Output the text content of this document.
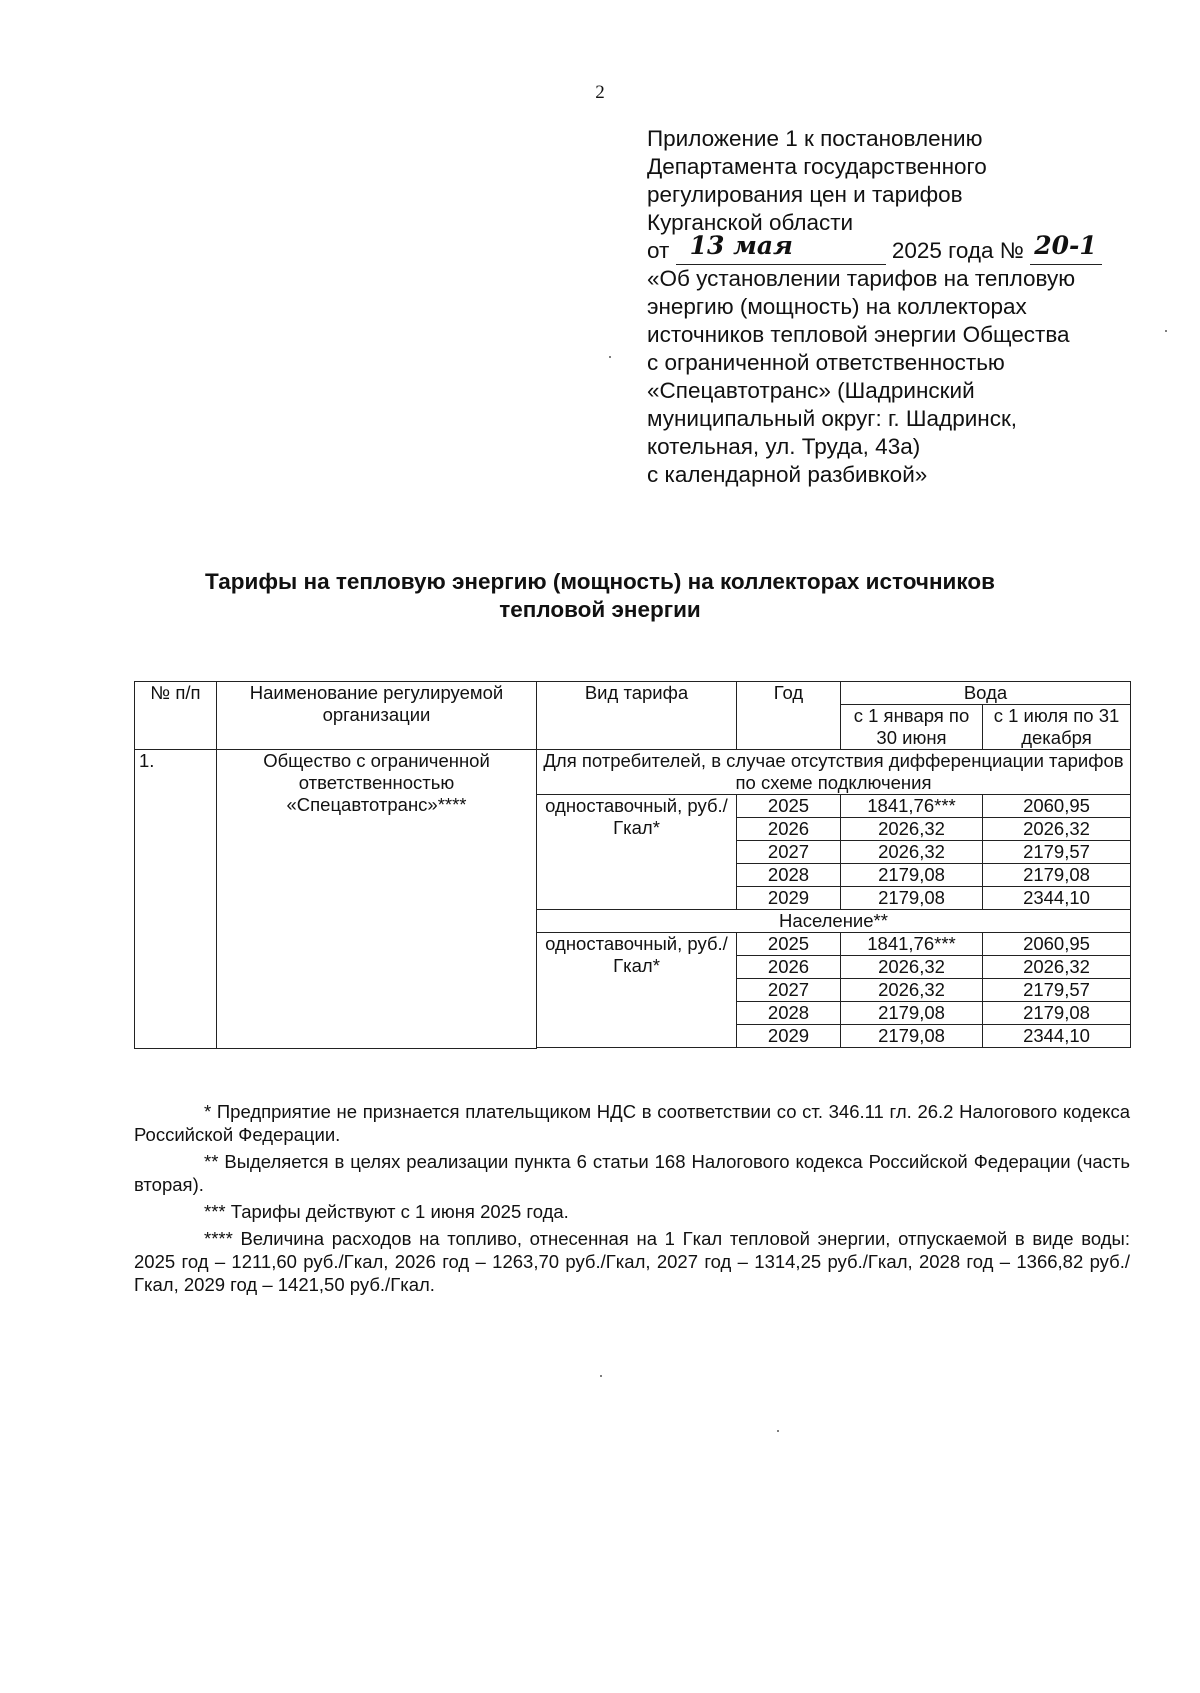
2
Приложение 1 к постановлению
Департамента государственного
регулирования цен и тарифов
Курганской области
от 13 мая	2025 года № 20-1
«Об установлении тарифов на тепловую
энергию (мощность) на коллекторах
источников тепловой энергии Общества
с ограниченной ответственностью
«Спецавтотранс» (Шадринский
муниципальный округ: г. Шадринск,
котельная, ул. Труда, 43а)
с календарной разбивкой»
Тарифы на тепловую энергию (мощность) на коллекторах источников
тепловой энергии
№ п/п	Наименование регулируемой организации	Вид тарифа	Год	Вода	
				с 1 января по 30 июня	с 1 июля по 31 декабря
1.	Общество с ограниченной ответственностью «Спецавтотранс»****	Для потребителей, в случае отсутствия дифференциации тарифов по схеме подключения			
		одноставочный, руб./Гкал*	2025	1841,76***	2060,95
			2026	2026,32	2026,32
			2027	2026,32	2179,57
			2028	2179,08	2179,08
			2029	2179,08	2344,10
		Население**			
		одноставочный, руб./Гкал*	2025	1841,76***	2060,95
			2026	2026,32	2026,32
			2027	2026,32	2179,57
			2028	2179,08	2179,08
			2029	2179,08	2344,10

* Предприятие не признается плательщиком НДС в соответствии со ст. 346.11 гл. 26.2 Налогового кодекса Российской Федерации.

** Выделяется в целях реализации пункта 6 статьи 168 Налогового кодекса Российской Федерации (часть вторая).

*** Тарифы действуют с 1 июня 2025 года.

**** Величина расходов на топливо, отнесенная на 1 Гкал тепловой энергии, отпускаемой в виде воды: 2025 год – 1211,60 руб./Гкал, 2026 год – 1263,70 руб./Гкал, 2027 год – 1314,25 руб./Гкал, 2028 год – 1366,82 руб./Гкал, 2029 год – 1421,50 руб./Гкал.
